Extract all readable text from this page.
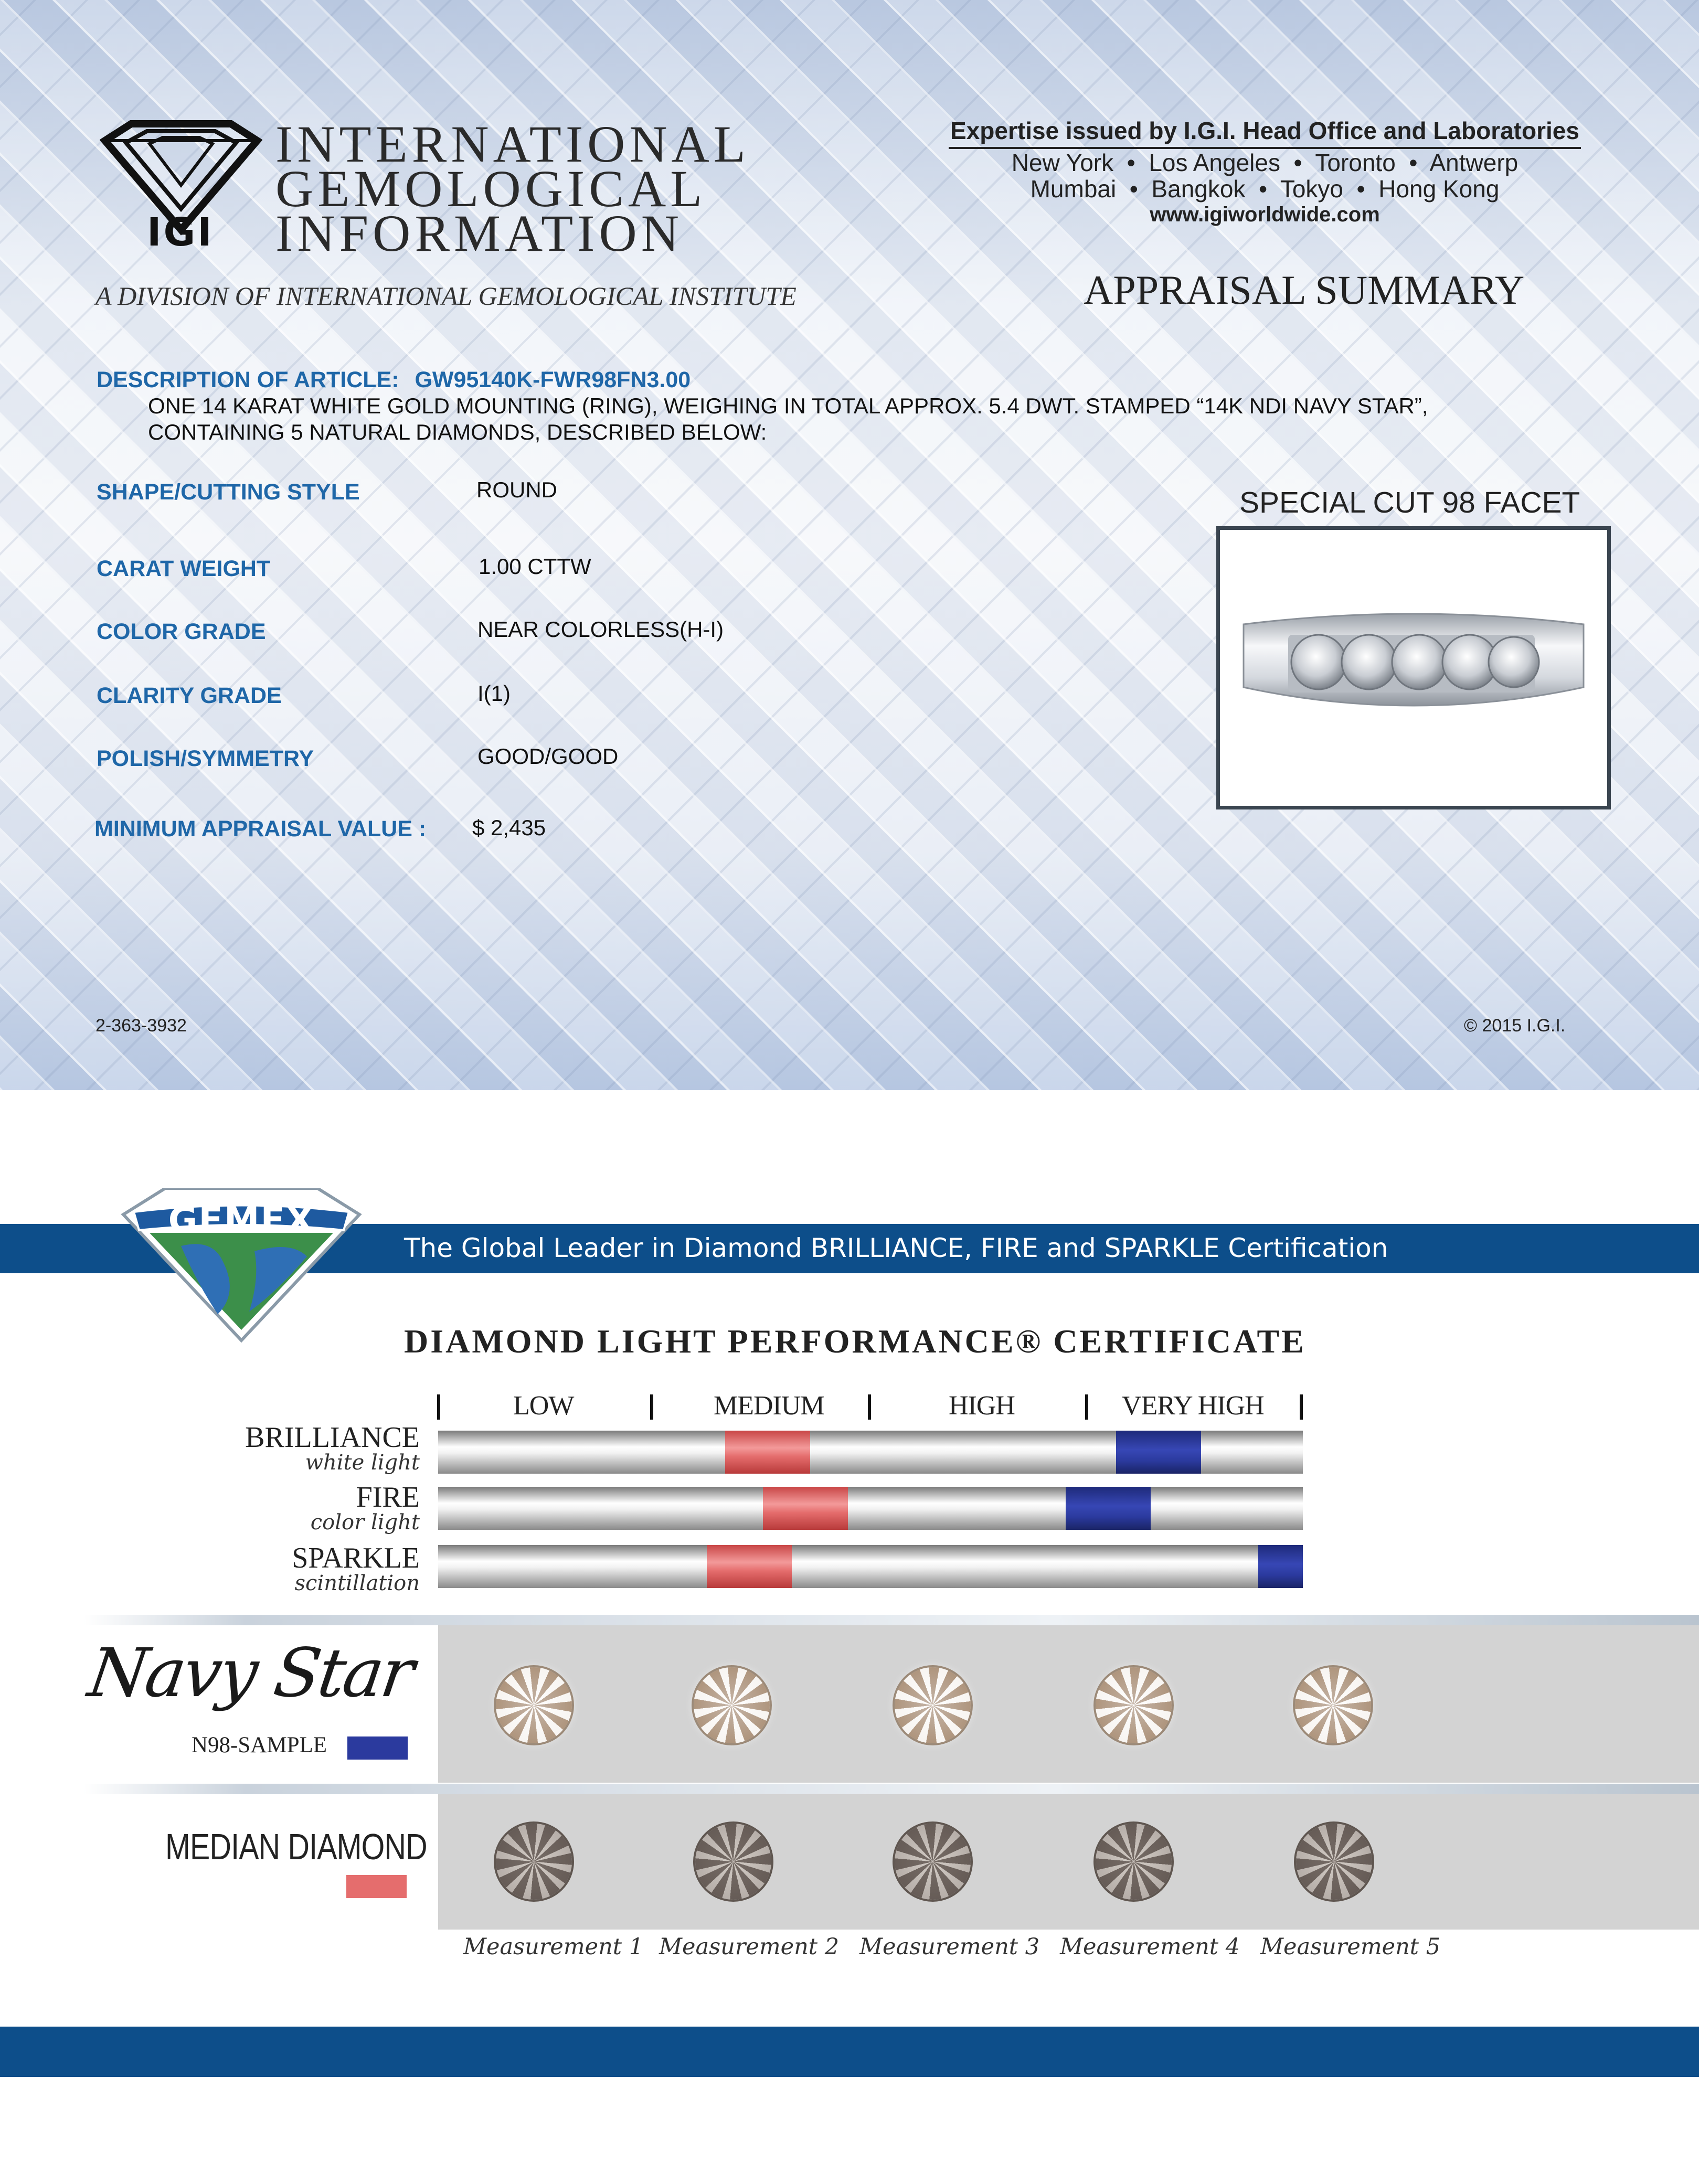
IGI
INTERNATIONAL
GEMOLOGICAL
INFORMATION
A DIVISION OF INTERNATIONAL GEMOLOGICAL INSTITUTE
Expertise issued by I.G.I. Head Office and Laboratories
New York  •  Los Angeles  •  Toronto  •  Antwerp
Mumbai  •  Bangkok  •  Tokyo  •  Hong Kong
www.igiworldwide.com
APPRAISAL SUMMARY
DESCRIPTION OF ARTICLE: GW95140K-FWR98FN3.00
ONE 14 KARAT WHITE GOLD MOUNTING (RING), WEIGHING IN TOTAL APPROX. 5.4 DWT. STAMPED “14K NDI NAVY STAR”,
CONTAINING 5 NATURAL DIAMONDS, DESCRIBED BELOW:
SHAPE/CUTTING STYLE	ROUND
CARAT WEIGHT	1.00 CTTW
COLOR GRADE	NEAR COLORLESS(H-I)
CLARITY GRADE	I(1)
POLISH/SYMMETRY	GOOD/GOOD
MINIMUM APPRAISAL VALUE : $ 2,435
SPECIAL CUT 98 FACET
2-363-3932	© 2015 I.G.I.
The Global Leader in Diamond BRILLIANCE, FIRE and SPARKLE Certification
GEMEX
DIAMOND LIGHT PERFORMANCE® CERTIFICATE
LOW	MEDIUM	HIGH	VERY HIGH
BRILLIANCE
white light
FIRE
color light
SPARKLE
scintillation
Navy Star
N98-SAMPLE
MEDIAN DIAMOND
Measurement 1 Measurement 2 Measurement 3 Measurement 4 Measurement 5
